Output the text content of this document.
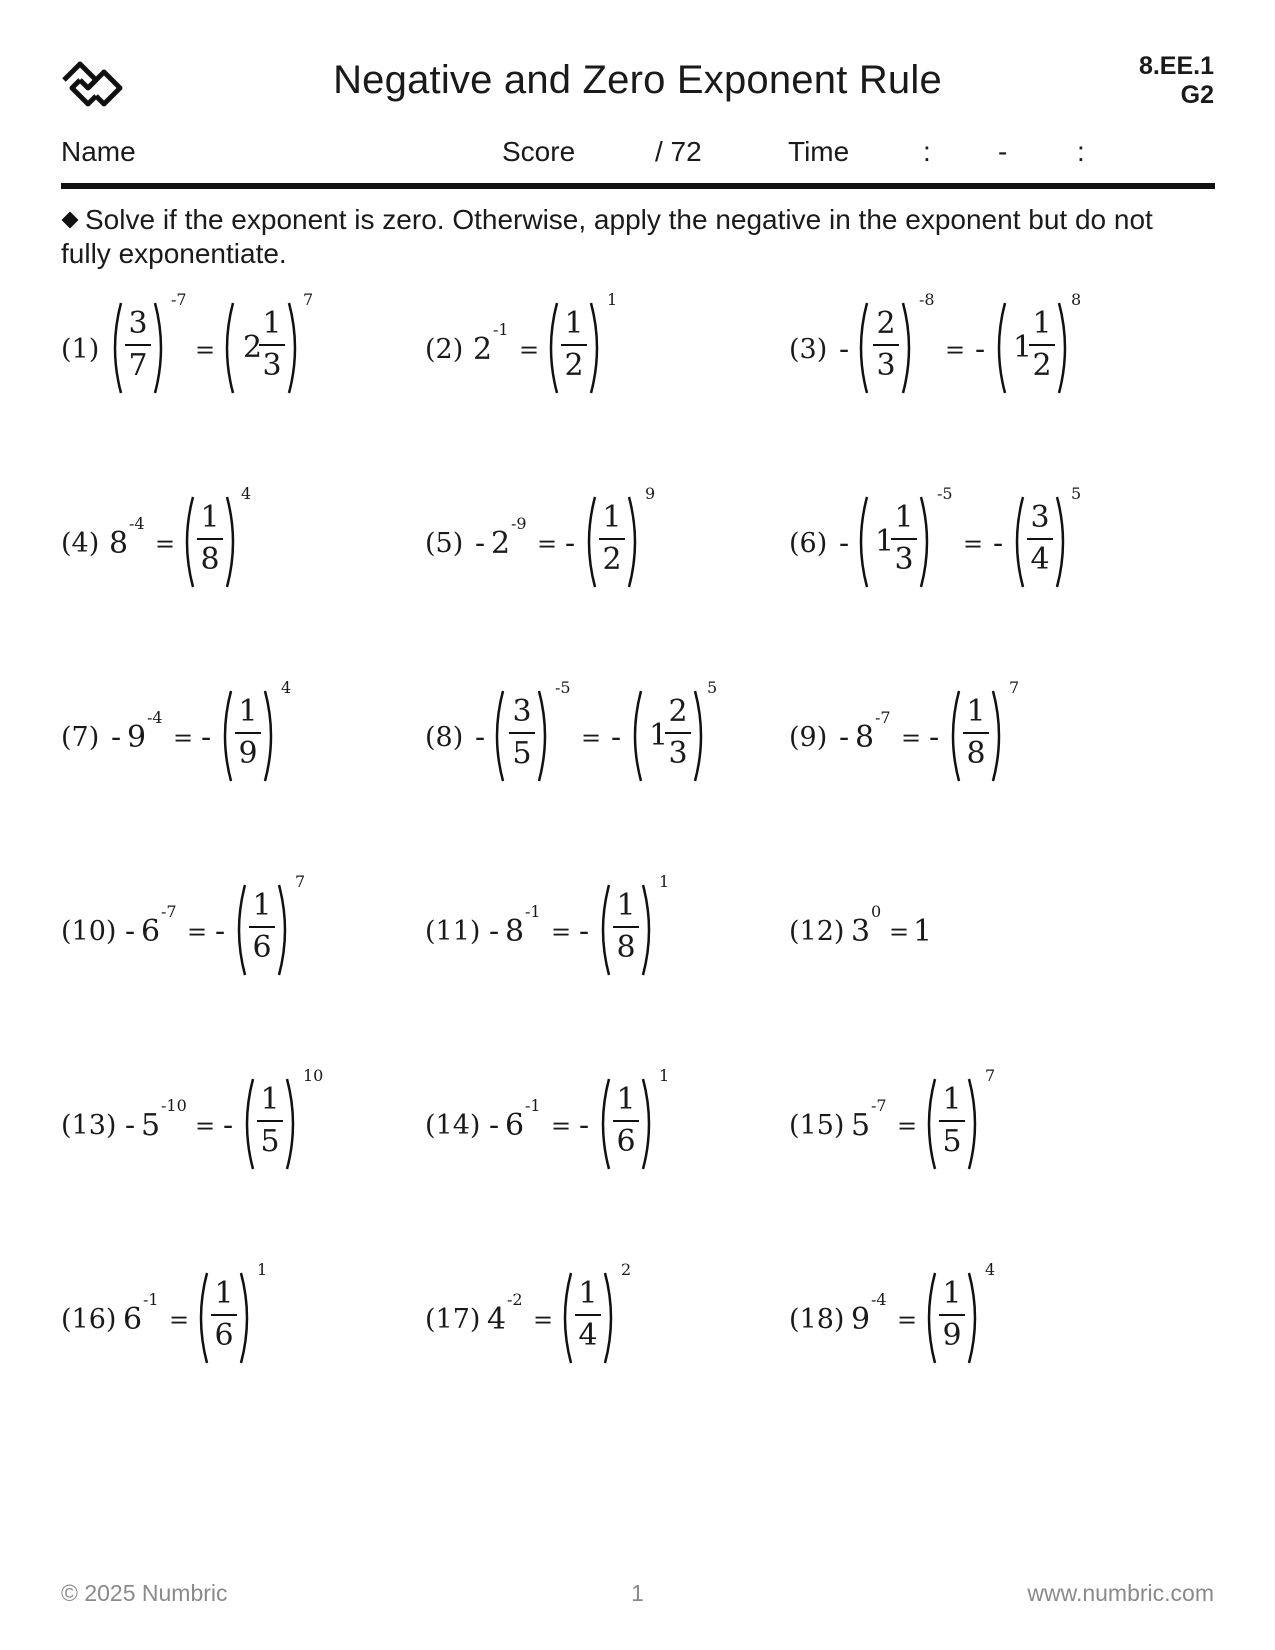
Negative and Zero Exponent Rule	8.EE.1
G2
Name	Score	/ 72	Time	: - :
Solve if the exponent is zero. Otherwise, apply the negative in the exponent but do not fully exponentiate.
(1)
3
7
-7
= 2
1
3
7
(2) 2
-1
=
1
2
1
(3) -
2
3
-8
= - 1
1
2
8
(4) 8
-4
=
1
8
4
(5) - 2
-9
= -
1
2
9
(6) - 1
1
3
-5
= -
3
4
5
(7) - 9
-4
= -
1
9
4
(8) -
3
5
-5
= - 1
2
3
5
(9) - 8
-7
= -
1
8
7
(10) - 6
-7
= -
1
6
7
(11) - 8
-1
= -
1
8
1
(12) 3
0
= 1
(13) - 5
-10
= -
1
5
10
(14) - 6
-1
= -
1
6
1
(15) 5
-7
=
1
5
7
(16) 6
-1
=
1
6
1
(17) 4
-2
=
1
4
2
(18) 9
-4
=
1
9
4
© 2025 Numbric	1	www.numbric.com
